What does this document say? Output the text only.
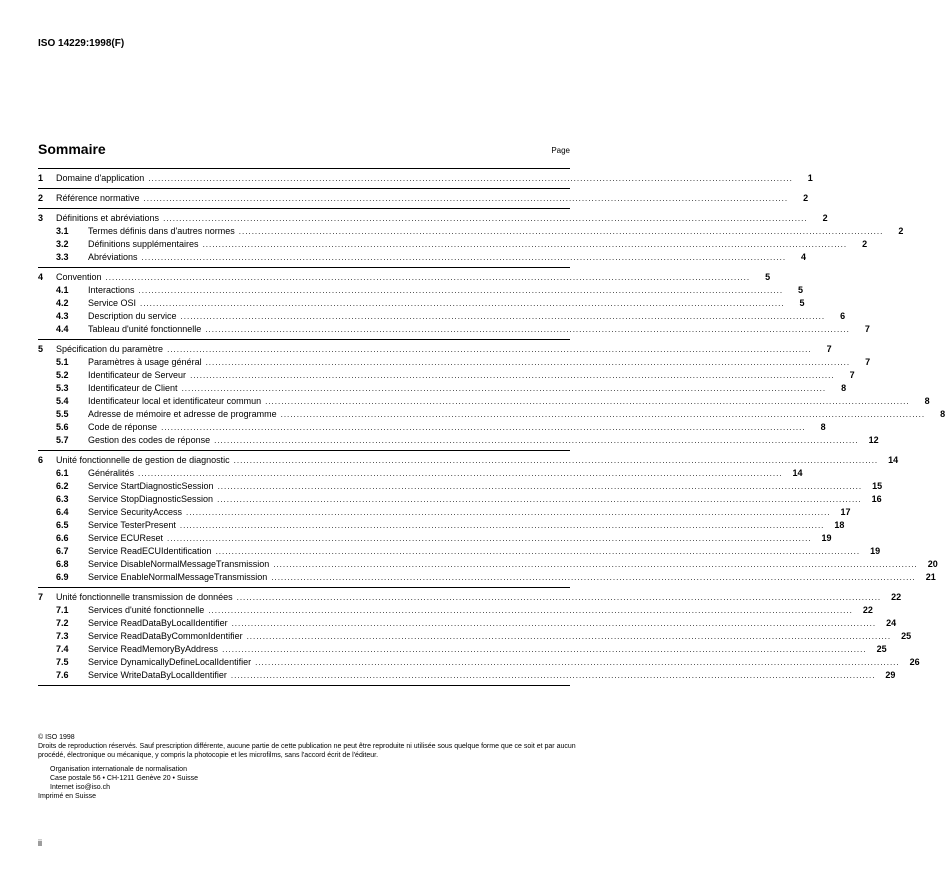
ISO 14229:1998(F)
Sommaire	Page
1	Domaine d'application ........................................................................................................................................................................................................	1
2	Référence normative ........................................................................................................................................................................................................	2
3	Définitions et abréviations ........................................................................................................................................................................................................	2
3.1	Termes définis dans d'autres normes ........................................................................................................................................................................................................	2
3.2	Définitions supplémentaires ........................................................................................................................................................................................................	2
3.3	Abréviations ........................................................................................................................................................................................................	4
4	Convention ........................................................................................................................................................................................................	5
4.1	Interactions ........................................................................................................................................................................................................	5
4.2	Service OSI ........................................................................................................................................................................................................	5
4.3	Description du service ........................................................................................................................................................................................................	6
4.4	Tableau d'unité fonctionnelle ........................................................................................................................................................................................................	7
5	Spécification du paramètre ........................................................................................................................................................................................................	7
5.1	Paramètres à usage général ........................................................................................................................................................................................................	7
5.2	Identificateur de Serveur ........................................................................................................................................................................................................	7
5.3	Identificateur de Client ........................................................................................................................................................................................................	8
5.4	Identificateur local et identificateur commun ........................................................................................................................................................................................................	8
5.5	Adresse de mémoire et adresse de programme ........................................................................................................................................................................................................	8
5.6	Code de réponse ........................................................................................................................................................................................................	8
5.7	Gestion des codes de réponse ........................................................................................................................................................................................................	12
6	Unité fonctionnelle de gestion de diagnostic ........................................................................................................................................................................................................	14
6.1	Généralités ........................................................................................................................................................................................................	14
6.2	Service StartDiagnosticSession ........................................................................................................................................................................................................	15
6.3	Service StopDiagnosticSession ........................................................................................................................................................................................................	16
6.4	Service SecurityAccess ........................................................................................................................................................................................................	17
6.5	Service TesterPresent ........................................................................................................................................................................................................	18
6.6	Service ECUReset ........................................................................................................................................................................................................	19
6.7	Service ReadECUIdentification ........................................................................................................................................................................................................	19
6.8	Service DisableNormalMessageTransmission ........................................................................................................................................................................................................	20
6.9	Service EnableNormalMessageTransmission ........................................................................................................................................................................................................	21
7	Unité fonctionnelle transmission de données ........................................................................................................................................................................................................	22
7.1	Services d'unité fonctionnelle ........................................................................................................................................................................................................	22
7.2	Service ReadDataByLocalIdentifier ........................................................................................................................................................................................................	24
7.3	Service ReadDataByCommonIdentifier ........................................................................................................................................................................................................	25
7.4	Service ReadMemoryByAddress ........................................................................................................................................................................................................	25
7.5	Service DynamicallyDefineLocalIdentifier ........................................................................................................................................................................................................	26
7.6	Service WriteDataByLocalIdentifier ........................................................................................................................................................................................................	29
© ISO 1998
Droits de reproduction réservés. Sauf prescription différente, aucune partie de cette publication ne peut être reproduite ni utilisée sous quelque forme que ce soit et par aucun procédé, électronique ou mécanique, y compris la photocopie et les microfilms, sans l'accord écrit de l'éditeur.
Organisation internationale de normalisation
Case postale 56 • CH-1211 Genève 20 • Suisse
Internet iso@iso.ch
Imprimé en Suisse
ii
